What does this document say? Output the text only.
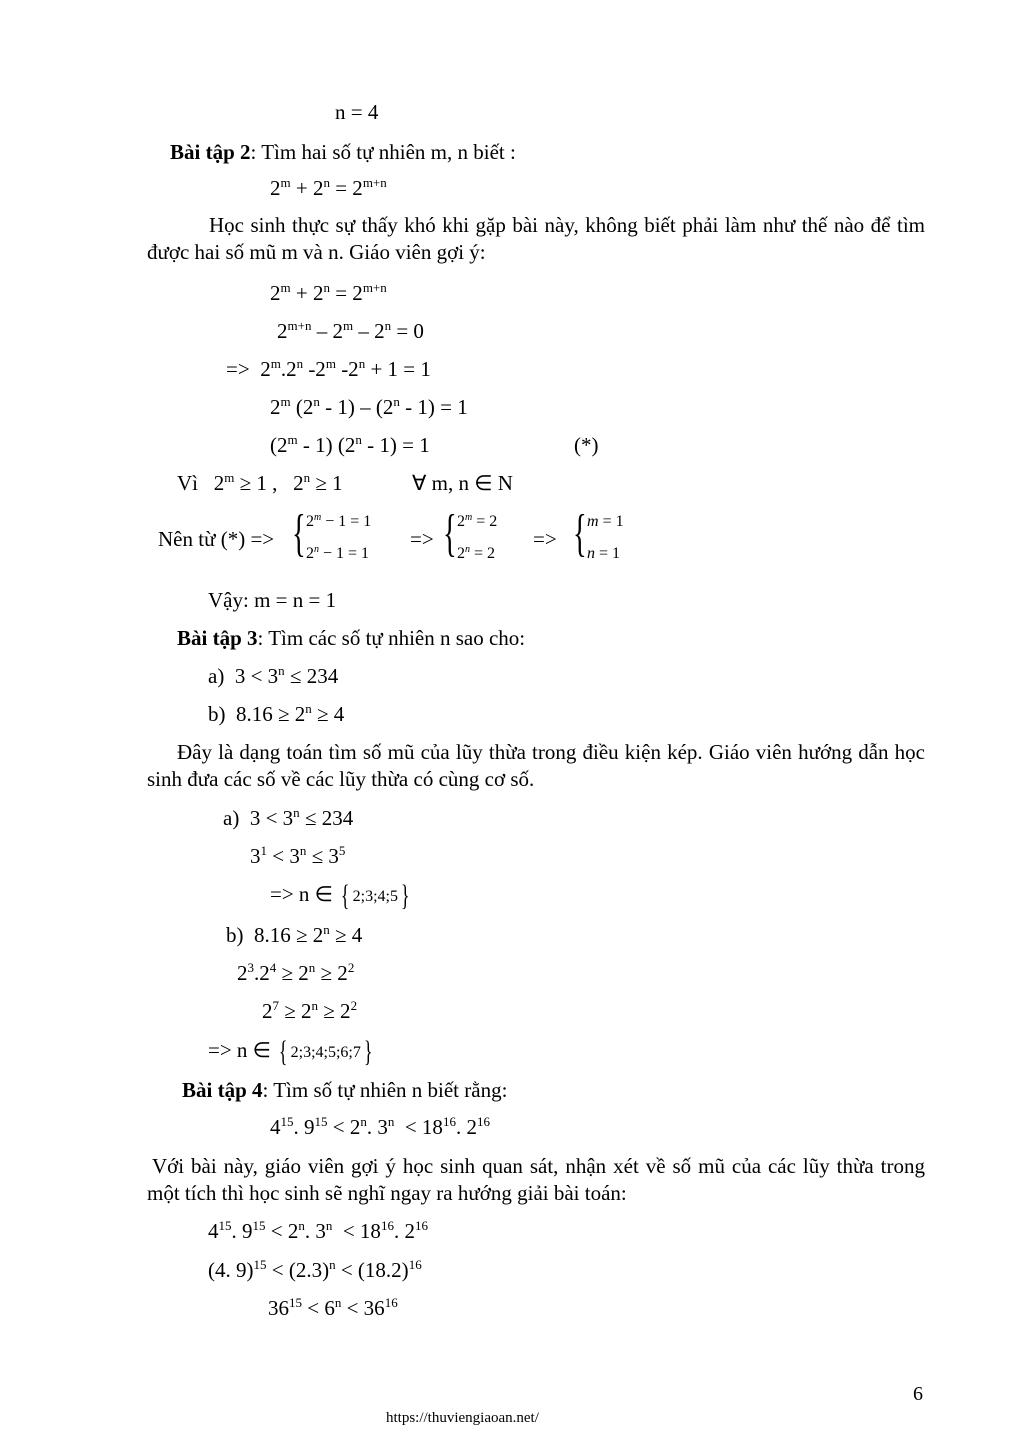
n = 4
Bài tập 2: Tìm hai số tự nhiên m, n biết :
$2^m + 2^n = 2^{m+n}$
Học sinh thực sự thấy khó khi gặp bài này, không biết phải làm như thế nào để tìm được hai số mũ m và n. Giáo viên gợi ý:
$2^m + 2^n = 2^{m+n}$
$2^{m+n} - 2^m - 2^n = 0$
=>  2$^m$.2$^n$ -2$^m$ $-2^n + 1 = 1$
2$^m$ (2$^n$ - 1) – (2$^n$ - 1) = 1
(2$^m$ - 1) (2$^n$ - 1) = 1	(*)
Vì   $2^m \ge 1$ ,   $2^n \ge 1$	∀ m, n ∈ N
Nên từ (*) => { $2^m - 1 = 1$
$2^n - 1 = 1$
=> { $2^m = 2$
$2^n = 2$
=> { m = 1
n = 1
Vậy: m = n = 1
Bài tập 3: Tìm các số tự nhiên n sao cho:
a)  $3 < 3^n \le 234$
b)  $8.16 \ge 2^n \ge 4$
Đây là dạng toán tìm số mũ của lũy thừa trong điều kiện kép. Giáo viên hướng dẫn học sinh đưa các số về các lũy thừa có cùng cơ số.
a)  $3 < 3^n \le 234$
$3^1 < 3^n \le 3^5$
=> n ∈ { 2;3;4;5}
b)  $8.16 \ge 2^n \ge 4$
$2^3.2^4 \ge 2^n \ge 2^2$
$2^7 \ge 2^n \ge 2^2$
=> n ∈ { 2;3;4;5;6;7}
Bài tập 4: Tìm số tự nhiên n biết rằng:
$4^{15}$. $9^{15} < 2^n$. $3^n < 18^{16}$. $2^{16}$
Với bài này, giáo viên gợi ý học sinh quan sát, nhận xét về số mũ của các lũy thừa trong một tích thì học sinh sẽ nghĩ ngay ra hướng giải bài toán:
$4^{15}$. $9^{15} < 2^n$. $3^n < 18^{16}$. $2^{16}$
(4. $9)^{15} < (2.3)^n < (18.2)^{16}$
$36^{15} < 6^n < 36^{16}$
6
https://thuviengiaoan.net/
